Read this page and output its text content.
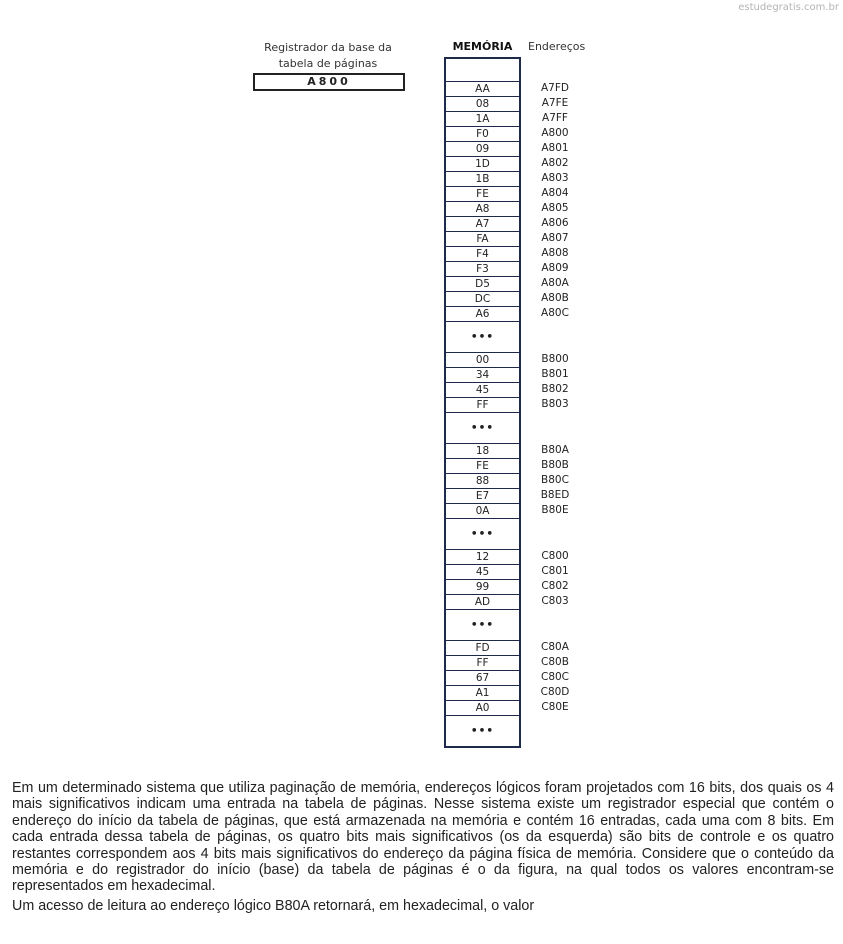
estudegratis.com.br
Registrador da base da
tabela de páginas
A800
MEMÓRIA	Endereços
AA
08
1A
F0
09
1D
1B
FE
A8
A7
FA
F4
F3
D5
DC
A6
•••
00
34
45
FF
•••
18
FE
88
E7
0A
•••
12
45
99
AD
•••
FD
FF
67
A1
A0
•••
A7FD
A7FE
A7FF
A800
A801
A802
A803
A804
A805
A806
A807
A808
A809
A80A
A80B
A80C
B800
B801
B802
B803
B80A
B80B
B80C
B8ED
B80E
C800
C801
C802
C803
C80A
C80B
C80C
C80D
C80E

Em um determinado sistema que utiliza paginação de memória, endereços lógicos foram projetados com 16 bits, dos quais os 4 mais significativos indicam uma entrada na tabela de páginas. Nesse sistema existe um registrador especial que contém o endereço do início da tabela de páginas, que está armazenada na memória e contém 16 entradas, cada uma com 8 bits. Em cada entrada dessa tabela de páginas, os quatro bits mais significativos (os da esquerda) são bits de controle e os quatro restantes correspondem aos 4 bits mais significativos do endereço da página física de memória. Considere que o conteúdo da memória e do registrador do início (base) da tabela de páginas é o da figura, na qual todos os valores encontram-se representados em hexadecimal.

Um acesso de leitura ao endereço lógico B80A retornará, em hexadecimal, o valor
